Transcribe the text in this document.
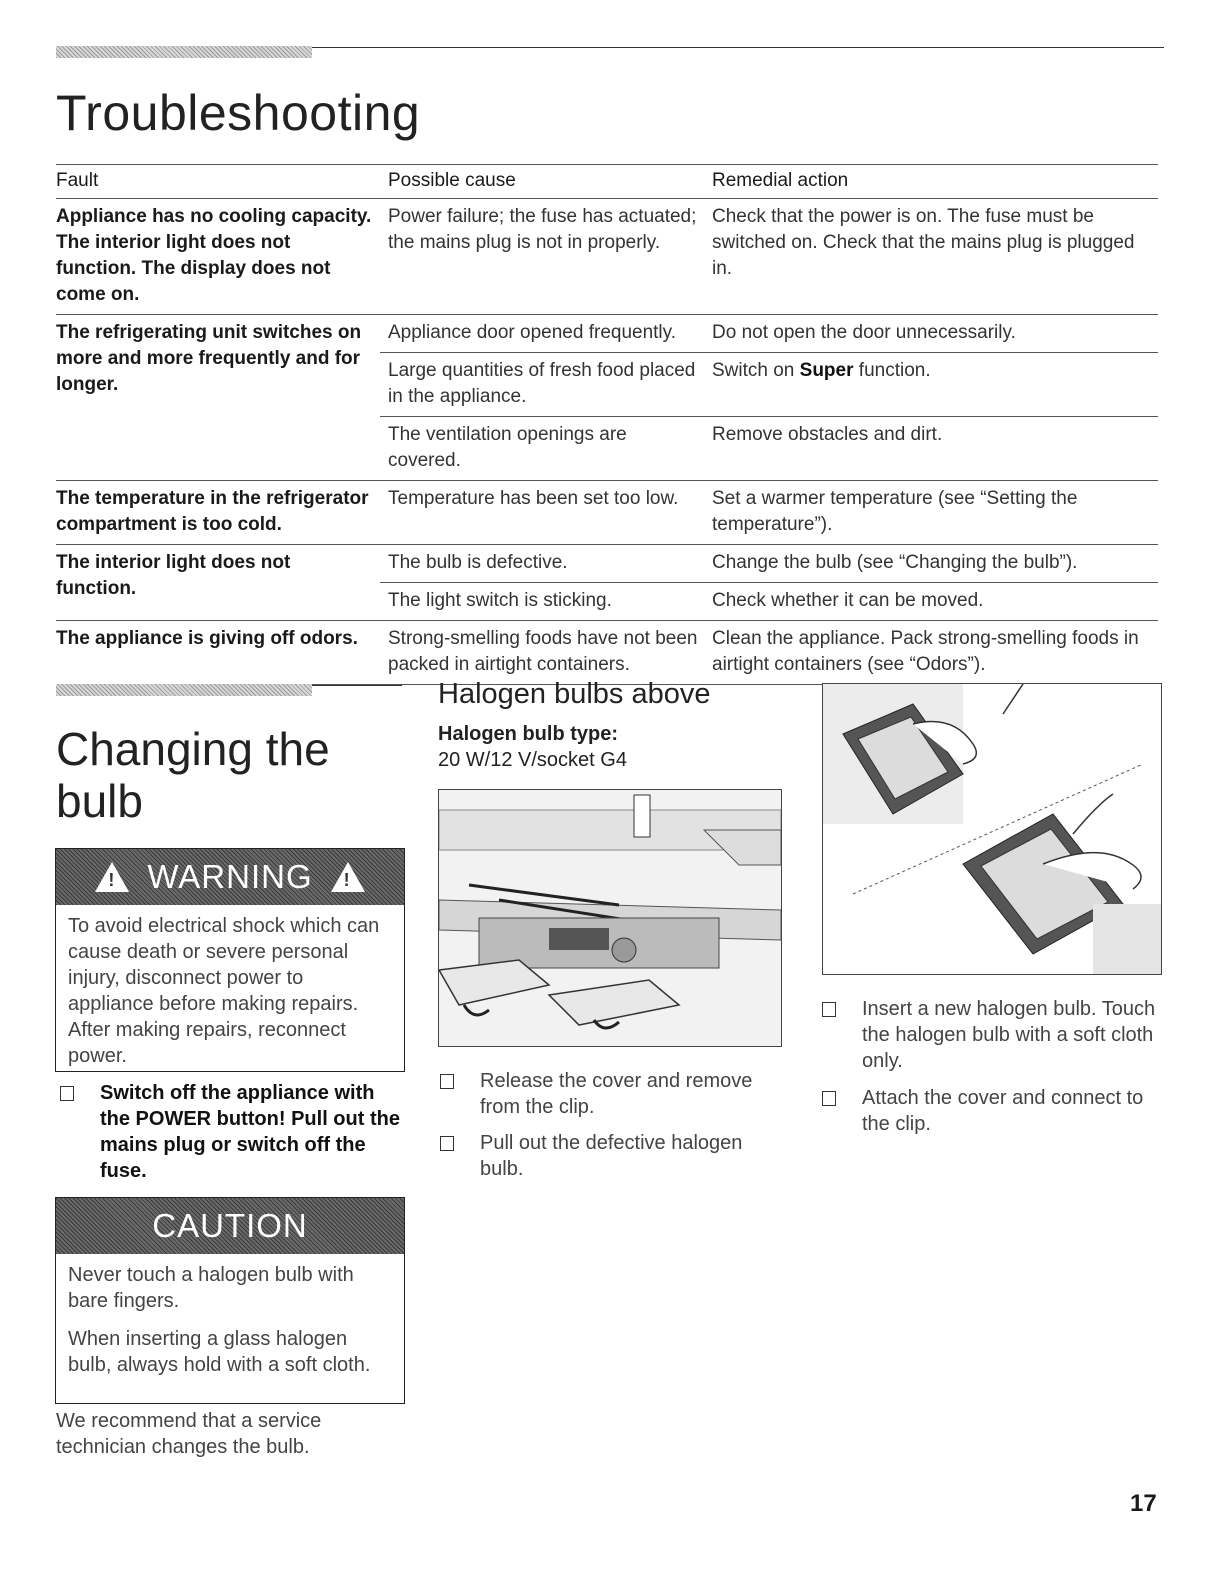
Troubleshooting
Fault	Possible cause	Remedial action
Appliance has no cooling capacity. The interior light does not function. The display does not come on.	Power failure; the fuse has actuated; the mains plug is not in properly.	Check that the power is on. The fuse must be switched on. Check that the mains plug is plugged in.
The refrigerating unit switches on more and more frequently and for longer.	Appliance door opened frequently.	Do not open the door unnecessarily.
	Large quantities of fresh food placed in the appliance.	Switch on Super function.
	The ventilation openings are covered.	Remove obstacles and dirt.
The temperature in the refrigerator compartment is too cold.	Temperature has been set too low.	Set a warmer temperature (see “Setting the temperature”).
The interior light does not function.	The bulb is defective.	Change the bulb (see “Changing the bulb”).
	The light switch is sticking.	Check whether it can be moved.
The appliance is giving off odors.	Strong-smelling foods have not been packed in airtight containers.	Clean the appliance. Pack strong-smelling foods in airtight containers (see “Odors”).
Changing the bulb
! WARNING !
To avoid electrical shock which can cause death or severe personal injury, disconnect power to appliance before making repairs. After making repairs, reconnect power.
Switch off the appliance with the POWER button! Pull out the mains plug or switch off the fuse.
CAUTION

Never touch a halogen bulb with bare fingers.

When inserting a glass halogen bulb, always hold with a soft cloth.

We recommend that a service technician changes the bulb.
Halogen bulbs above
Halogen bulb type:
20 W/12 V/socket G4
Release the cover and remove from the clip.
Pull out the defective halogen bulb.
Insert a new halogen bulb. Touch the halogen bulb with a soft cloth only.
Attach the cover and connect to the clip.
17
